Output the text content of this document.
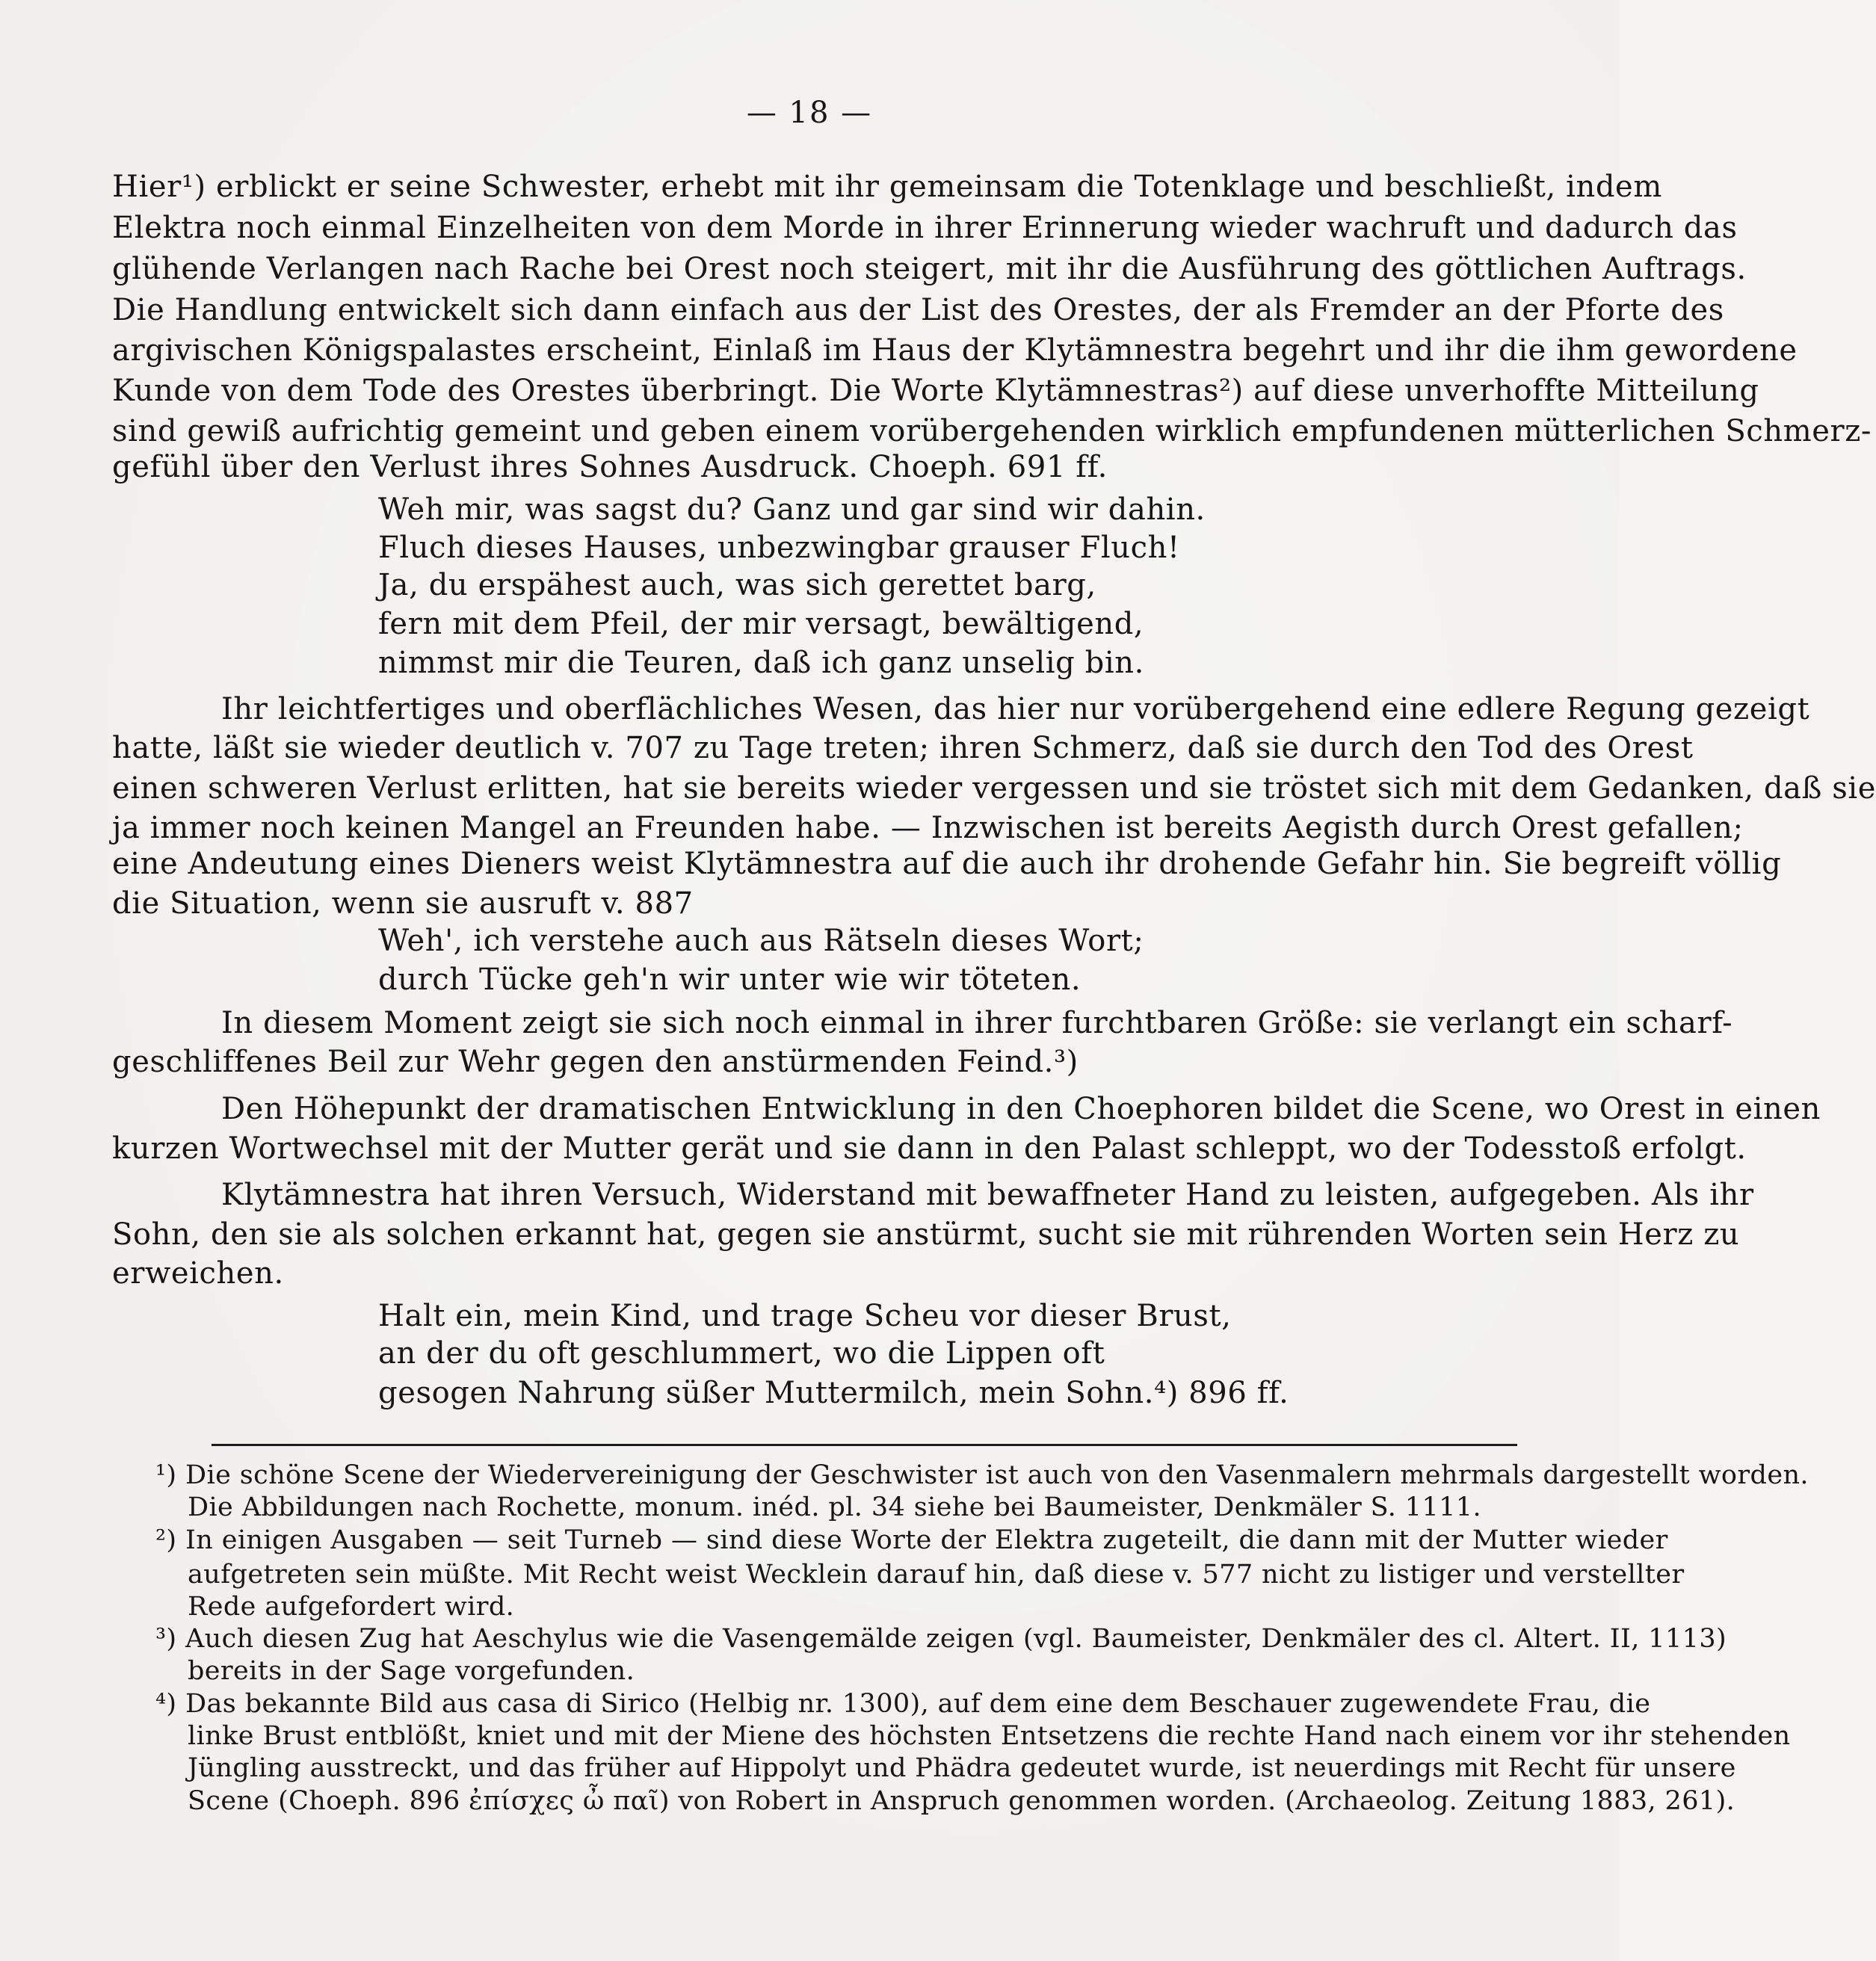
— 18 —
Hier¹) erblickt er seine Schwester, erhebt mit ihr gemeinsam die Totenklage und beschließt, indem
Elektra noch einmal Einzelheiten von dem Morde in ihrer Erinnerung wieder wachruft und dadurch das
glühende Verlangen nach Rache bei Orest noch steigert, mit ihr die Ausführung des göttlichen Auftrags.
Die Handlung entwickelt sich dann einfach aus der List des Orestes, der als Fremder an der Pforte des
argivischen Königspalastes erscheint, Einlaß im Haus der Klytämnestra begehrt und ihr die ihm gewordene
Kunde von dem Tode des Orestes überbringt. Die Worte Klytämnestras²) auf diese unverhoffte Mitteilung
sind gewiß aufrichtig gemeint und geben einem vorübergehenden wirklich empfundenen mütterlichen Schmerz-
gefühl über den Verlust ihres Sohnes Ausdruck. Choeph. 691 ff.
Weh mir, was sagst du? Ganz und gar sind wir dahin.
Fluch dieses Hauses, unbezwingbar grauser Fluch!
Ja, du erspähest auch, was sich gerettet barg,
fern mit dem Pfeil, der mir versagt, bewältigend,
nimmst mir die Teuren, daß ich ganz unselig bin.
Ihr leichtfertiges und oberflächliches Wesen, das hier nur vorübergehend eine edlere Regung gezeigt
hatte, läßt sie wieder deutlich v. 707 zu Tage treten; ihren Schmerz, daß sie durch den Tod des Orest
einen schweren Verlust erlitten, hat sie bereits wieder vergessen und sie tröstet sich mit dem Gedanken, daß sie
ja immer noch keinen Mangel an Freunden habe. — Inzwischen ist bereits Aegisth durch Orest gefallen;
eine Andeutung eines Dieners weist Klytämnestra auf die auch ihr drohende Gefahr hin. Sie begreift völlig
die Situation, wenn sie ausruft v. 887
Weh', ich verstehe auch aus Rätseln dieses Wort;
durch Tücke geh'n wir unter wie wir töteten.
In diesem Moment zeigt sie sich noch einmal in ihrer furchtbaren Größe: sie verlangt ein scharf-
geschliffenes Beil zur Wehr gegen den anstürmenden Feind.³)
Den Höhepunkt der dramatischen Entwicklung in den Choephoren bildet die Scene, wo Orest in einen
kurzen Wortwechsel mit der Mutter gerät und sie dann in den Palast schleppt, wo der Todesstoß erfolgt.
Klytämnestra hat ihren Versuch, Widerstand mit bewaffneter Hand zu leisten, aufgegeben. Als ihr
Sohn, den sie als solchen erkannt hat, gegen sie anstürmt, sucht sie mit rührenden Worten sein Herz zu
erweichen.
Halt ein, mein Kind, und trage Scheu vor dieser Brust,
an der du oft geschlummert, wo die Lippen oft
gesogen Nahrung süßer Muttermilch, mein Sohn.⁴) 896 ff.
¹) Die schöne Scene der Wiedervereinigung der Geschwister ist auch von den Vasenmalern mehrmals dargestellt worden.
Die Abbildungen nach Rochette, monum. inéd. pl. 34 siehe bei Baumeister, Denkmäler S. 1111.
²) In einigen Ausgaben — seit Turneb — sind diese Worte der Elektra zugeteilt, die dann mit der Mutter wieder
aufgetreten sein müßte. Mit Recht weist Wecklein darauf hin, daß diese v. 577 nicht zu listiger und verstellter
Rede aufgefordert wird.
³) Auch diesen Zug hat Aeschylus wie die Vasengemälde zeigen (vgl. Baumeister, Denkmäler des cl. Altert. II, 1113)
bereits in der Sage vorgefunden.
⁴) Das bekannte Bild aus casa di Sirico (Helbig nr. 1300), auf dem eine dem Beschauer zugewendete Frau, die
linke Brust entblößt, kniet und mit der Miene des höchsten Entsetzens die rechte Hand nach einem vor ihr stehenden
Jüngling ausstreckt, und das früher auf Hippolyt und Phädra gedeutet wurde, ist neuerdings mit Recht für unsere
Scene (Choeph. 896 ἐπίσχες ὦ παῖ) von Robert in Anspruch genommen worden. (Archaeolog. Zeitung 1883, 261).
